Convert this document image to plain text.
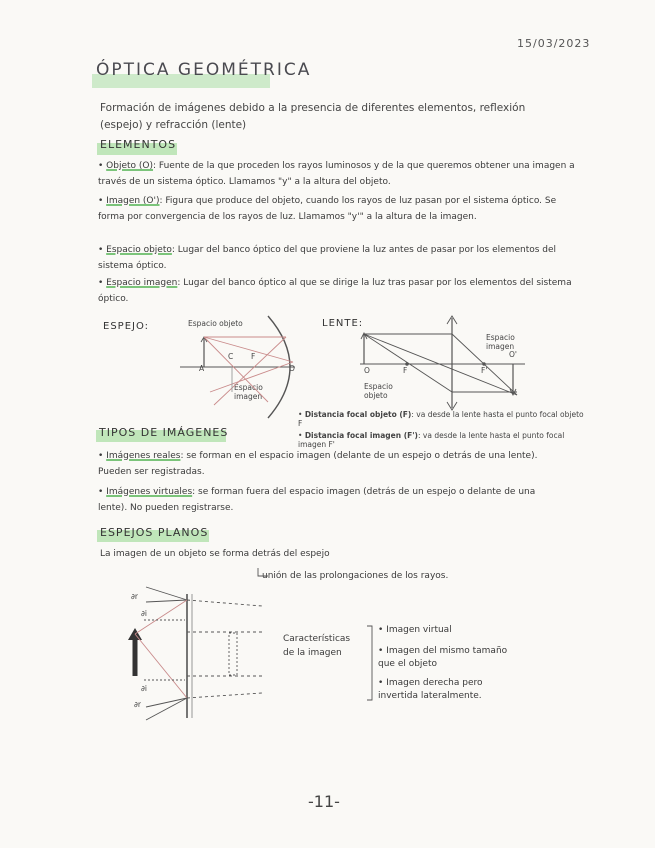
15/03/2023
ÓPTICA GEOMÉTRICA
Formación de imágenes debido a la presencia de diferentes elementos, reflexión (espejo) y refracción (lente)
ELEMENTOS
• Objeto (O): Fuente de la que proceden los rayos luminosos y de la que queremos obtener una imagen a través de un sistema óptico. Llamamos "y" a la altura del objeto.
• Imagen (O'): Figura que produce del objeto, cuando los rayos de luz pasan por el sistema óptico. Se forma por convergencia de los rayos de luz. Llamamos "y'" a la altura de la imagen.
• Espacio objeto: Lugar del banco óptico del que proviene la luz antes de pasar por los elementos del sistema óptico.
• Espacio imagen: Lugar del banco óptico al que se dirige la luz tras pasar por los elementos del sistema óptico.
ESPEJO:	Espacio objeto
Espacio imagen
A
F
C
O
LENTE:
Espacio imagen
Espacio objeto
O	F	F'
O'
• Distancia focal objeto (F): va desde la lente hasta el punto focal objeto F
• Distancia focal imagen (F'): va desde la lente hasta el punto focal imagen F'
TIPOS DE IMÁGENES
• Imágenes reales: se forman en el espacio imagen (delante de un espejo o detrás de una lente). Pueden ser registradas.
• Imágenes virtuales: se forman fuera del espacio imagen (detrás de un espejo o delante de una lente). No pueden registrarse.
ESPEJOS PLANOS
La imagen de un objeto se forma detrás del espejo
unión de las prolongaciones de los rayos.
∂r
∂i
∂i
∂r
Características de la imagen
• Imagen virtual
• Imagen del mismo tamaño que el objeto
• Imagen derecha pero invertida lateralmente.
-11-
